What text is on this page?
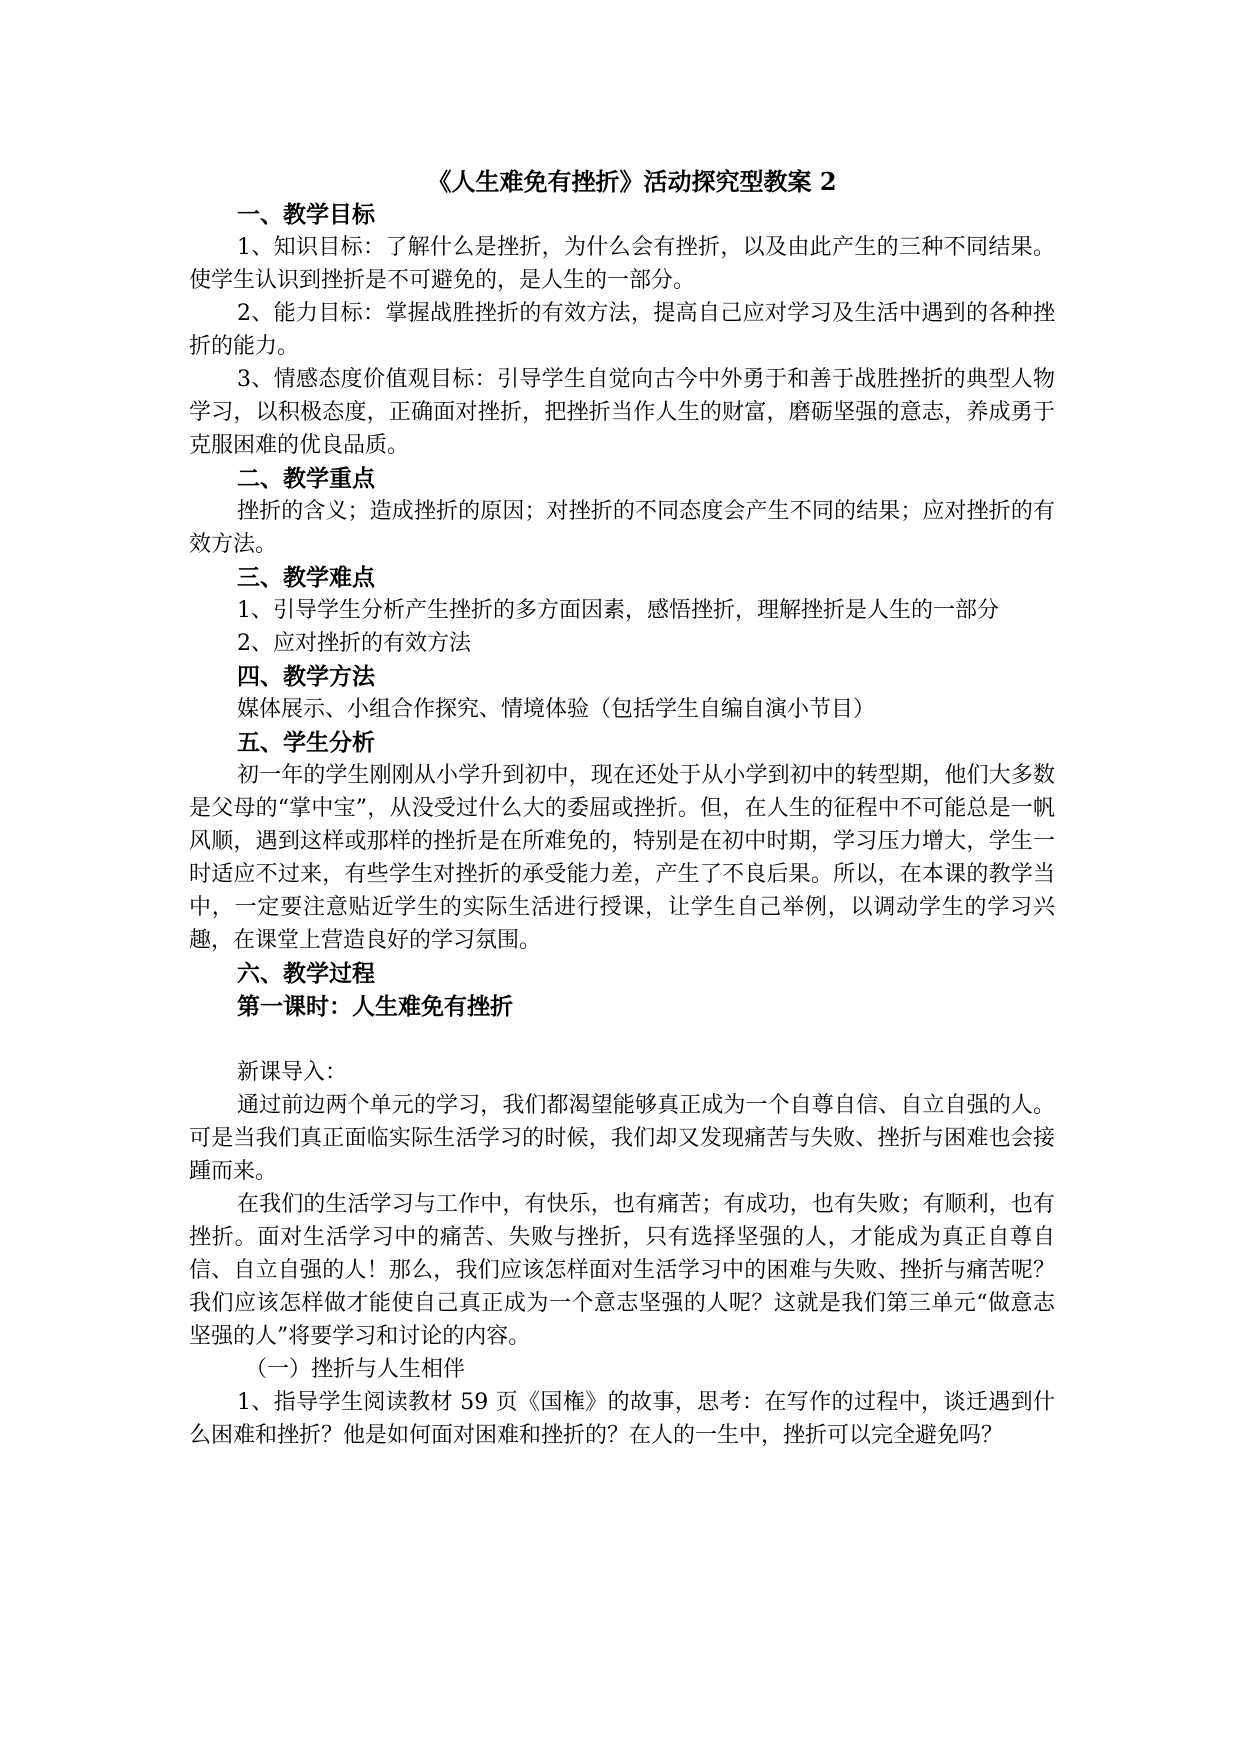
《人生难免有挫折》活动探究型教案 2
一、教学目标

1、知识目标：了解什么是挫折，为什么会有挫折，以及由此产生的三种不同结果。使学生认识到挫折是不可避免的，是人生的一部分。

2、能力目标：掌握战胜挫折的有效方法，提高自己应对学习及生活中遇到的各种挫折的能力。

3、情感态度价值观目标：引导学生自觉向古今中外勇于和善于战胜挫折的典型人物学习，以积极态度，正确面对挫折，把挫折当作人生的财富，磨砺坚强的意志，养成勇于克服困难的优良品质。

二、教学重点

挫折的含义；造成挫折的原因；对挫折的不同态度会产生不同的结果；应对挫折的有效方法。

三、教学难点

1、引导学生分析产生挫折的多方面因素，感悟挫折，理解挫折是人生的一部分

2、应对挫折的有效方法

四、教学方法

媒体展示、小组合作探究、情境体验（包括学生自编自演小节目）

五、学生分析

初一年的学生刚刚从小学升到初中，现在还处于从小学到初中的转型期，他们大多数是父母的“掌中宝”，从没受过什么大的委屈或挫折。但，在人生的征程中不可能总是一帆风顺，遇到这样或那样的挫折是在所难免的，特别是在初中时期，学习压力增大，学生一时适应不过来，有些学生对挫折的承受能力差，产生了不良后果。所以，在本课的教学当中，一定要注意贴近学生的实际生活进行授课，让学生自己举例，以调动学生的学习兴趣，在课堂上营造良好的学习氛围。

六、教学过程
第一课时：人生难免有挫折

新课导入：

通过前边两个单元的学习，我们都渴望能够真正成为一个自尊自信、自立自强的人。可是当我们真正面临实际生活学习的时候，我们却又发现痛苦与失败、挫折与困难也会接踵而来。

在我们的生活学习与工作中，有快乐，也有痛苦；有成功，也有失败；有顺利，也有挫折。面对生活学习中的痛苦、失败与挫折，只有选择坚强的人，才能成为真正自尊自信、自立自强的人！那么，我们应该怎样面对生活学习中的困难与失败、挫折与痛苦呢？我们应该怎样做才能使自己真正成为一个意志坚强的人呢？这就是我们第三单元“做意志坚强的人”将要学习和讨论的内容。

（一）挫折与人生相伴

1、指导学生阅读教材 59 页《国権》的故事，思考：在写作的过程中，谈迁遇到什么困难和挫折？他是如何面对困难和挫折的？在人的一生中，挫折可以完全避免吗？
